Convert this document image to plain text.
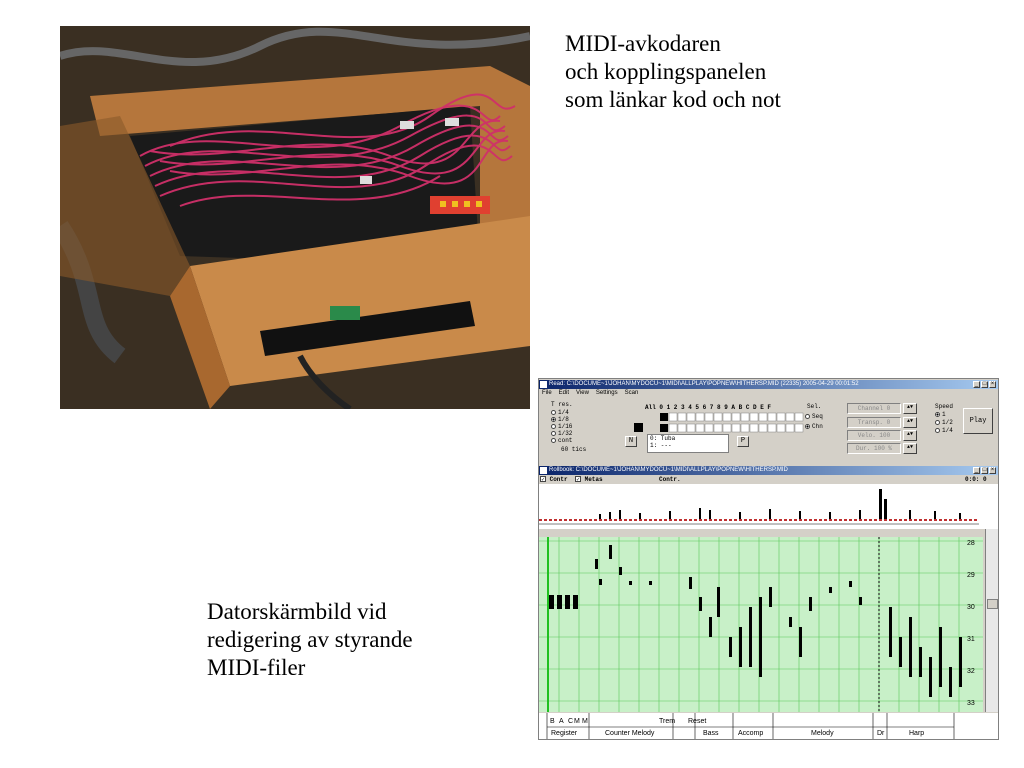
MIDI-avkodaren
och kopplingspanelen
som länkar kod och not
Datorskärmbild vid
redigering av styrande
MIDI-filer
Read: C:\DOCUME~1\JOHAN\MYDOCU~1\MIDI\ALLPLAY\POPNEW\HITHERSP.MID (22335) 2005-04-29 00:01:52	_ □ ×
File Edit View Settings Scan
T res.
1/4
1/8
1/16
1/32
cont
60 tics
All 0 1 2 3 4 5 6 7 8 9 A B C D E F	Sel.
Seq
Chn
N	0: Tuba
1: ---
P
Channel 0
Transp. 0
Velo. 100
Dur. 100 %
▲▼
▲▼
▲▼
▲▼
Speed
1
1/2
1/4
Play
Rollbook: C:\DOCUME~1\JOHAN\MYDOCU~1\MIDI\ALLPLAY\POPNEW\HITHERSP.MID	_ □ ×
✓ Contr ✓ Metas	Contr.	0:0: 0
28
29
30
31
32
33
B A C M M	Trem Reset
Register	Counter Melody	Bass	Accomp	Melody	Dr	Harp
